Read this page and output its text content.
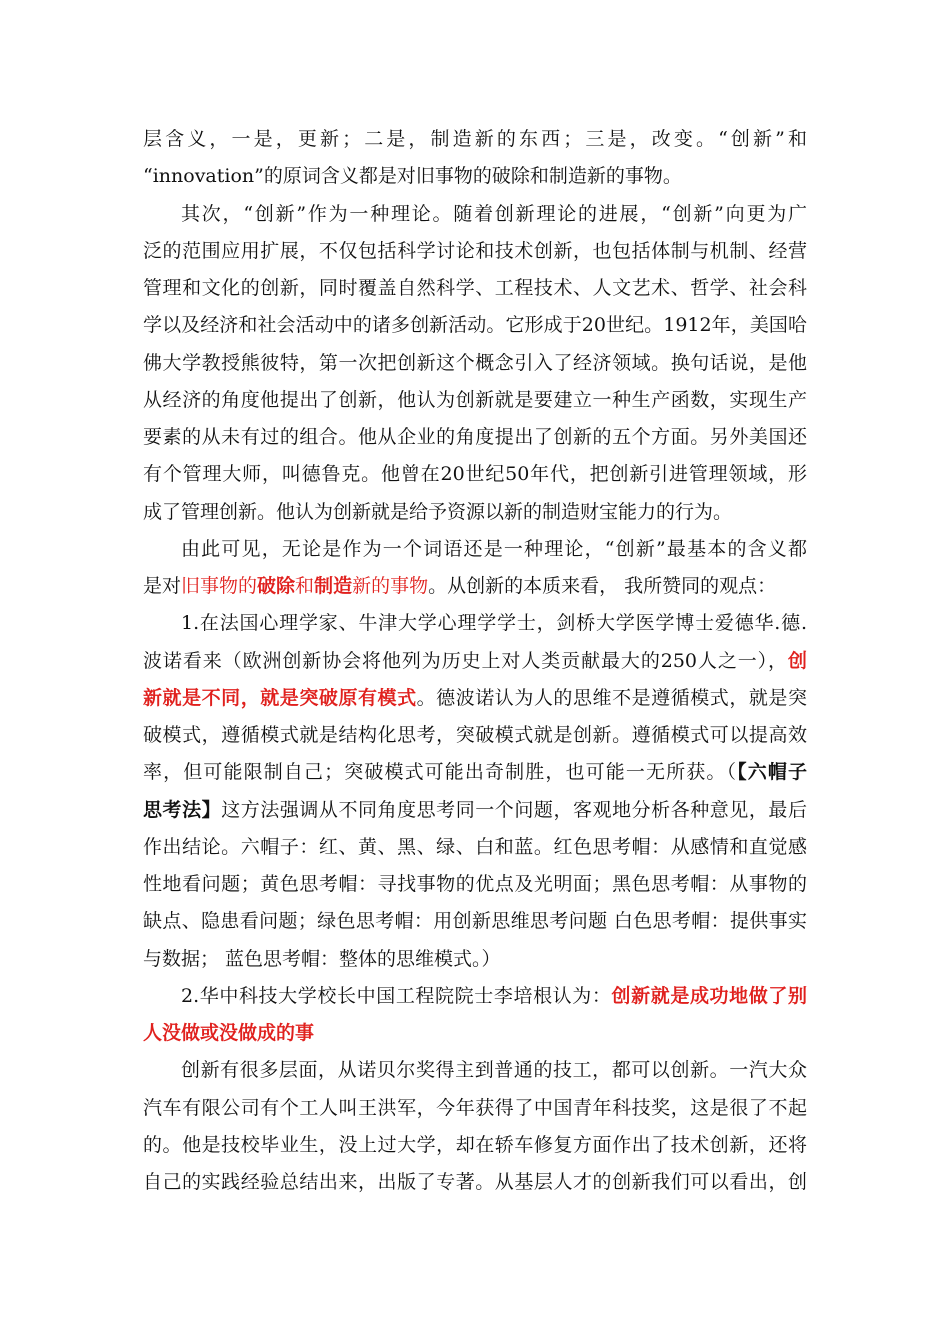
层含义，一是，更新；二是，制造新的东西；三是，改变。“创新”和
“innovation”的原词含义都是对旧事物的破除和制造新的事物。
其次，“创新”作为一种理论。随着创新理论的进展，“创新”向更为广
泛的范围应用扩展，不仅包括科学讨论和技术创新，也包括体制与机制、经营
管理和文化的创新，同时覆盖自然科学、工程技术、人文艺术、哲学、社会科
学以及经济和社会活动中的诸多创新活动。它形成于20世纪。1912年，美国哈
佛大学教授熊彼特，第一次把创新这个概念引入了经济领域。换句话说，是他
从经济的角度他提出了创新，他认为创新就是要建立一种生产函数，实现生产
要素的从未有过的组合。他从企业的角度提出了创新的五个方面。另外美国还
有个管理大师，叫德鲁克。他曾在20世纪50年代，把创新引进管理领域，形
成了管理创新。他认为创新就是给予资源以新的制造财宝能力的行为。
由此可见，无论是作为一个词语还是一种理论，“创新”最基本的含义都
是对旧事物的破除和制造新的事物。从创新的本质来看， 我所赞同的观点：
1.在法国心理学家、牛津大学心理学学士，剑桥大学医学博士爱德华.德.
波诺看来（欧洲创新协会将他列为历史上对人类贡献最大的250人之一），创
新就是不同，就是突破原有模式。德波诺认为人的思维不是遵循模式，就是突
破模式，遵循模式就是结构化思考，突破模式就是创新。遵循模式可以提高效
率，但可能限制自己；突破模式可能出奇制胜，也可能一无所获。（【六帽子
思考法】这方法强调从不同角度思考同一个问题，客观地分析各种意见，最后
作出结论。六帽子：红、黄、黑、绿、白和蓝。红色思考帽：从感情和直觉感
性地看问题；黄色思考帽：寻找事物的优点及光明面；黑色思考帽：从事物的
缺点、隐患看问题；绿色思考帽：用创新思维思考问题 白色思考帽：提供事实
与数据； 蓝色思考帽：整体的思维模式。）
2.华中科技大学校长中国工程院院士李培根认为：创新就是成功地做了别
人没做或没做成的事
创新有很多层面，从诺贝尔奖得主到普通的技工，都可以创新。一汽大众
汽车有限公司有个工人叫王洪军，今年获得了中国青年科技奖，这是很了不起
的。他是技校毕业生，没上过大学，却在轿车修复方面作出了技术创新，还将
自己的实践经验总结出来，出版了专著。从基层人才的创新我们可以看出，创
